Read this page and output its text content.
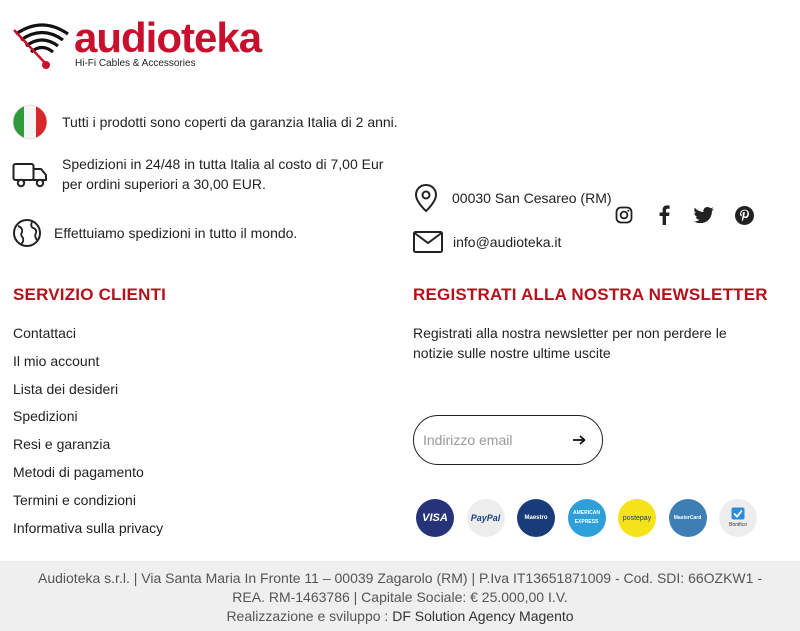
audioteka
Hi-Fi Cables & Accessories
Tutti i prodotti sono coperti da garanzia Italia di 2 anni.
Spedizioni in 24/48 in tutta Italia al costo di 7,00 Eur per ordini superiori a 30,00 EUR.
Effettuiamo spedizioni in tutto il mondo.
00030 San Cesareo (RM)
info@audioteka.it
SERVIZIO CLIENTI
Contattaci
Il mio account
Lista dei desideri
Spedizioni
Resi e garanzia
Metodi di pagamento
Termini e condizioni
Informativa sulla privacy
REGISTRATI ALLA NOSTRA NEWSLETTER

Registrati alla nostra newsletter per non perdere le notizie sulle nostre ultime uscite

Indirizzo email
VISA	PayPal	Maestro
AMERICAN EXPRESS
postepay	MasterCard
Bonifico
Audioteka s.r.l. | Via Santa Maria In Fronte 11 – 00039 Zagarolo (RM) | P.Iva IT13651871009 - Cod. SDI: 66OZKW1 - REA. RM-1463786 | Capitale Sociale: € 25.000,00 I.V.
Realizzazione e sviluppo : DF Solution Agency Magento
